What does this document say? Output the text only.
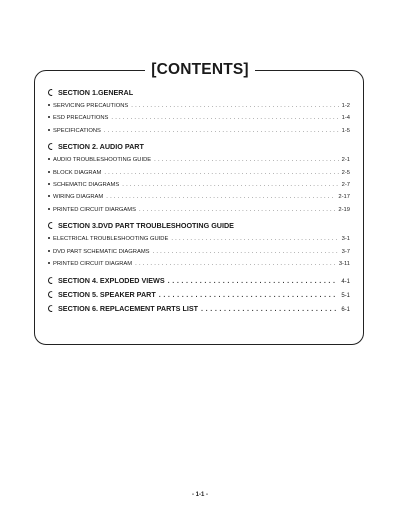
[CONTENTS]
SECTION 1.GENERAL
SERVICING PRECAUTIONS . . .	1-2
ESD PRECAUTIONS . . .	1-4
SPECIFICATIONS . . .	1-5
SECTION 2. AUDIO PART
AUDIO TROUBLESHOOTING GUIDE . . .	2-1
BLOCK DIAGRAM . . .	2-5
SCHEMATIC DIAGRAMS . . .	2-7
WIRING DIAGRAM . . .	2-17
PRINTED CIRCUIT DIARGAMS . . .	2-19
SECTION 3.DVD PART TROUBLESHOOTING GUIDE
ELECTRICAL TROUBLESHOOTING GUIDE . . .	3-1
DVD PART SCHEMATIC DIAGRAMS . . .	3-7
PRINTED CIRCUIT DIAGRAM . . .	3-11
SECTION 4. EXPLODED VIEWS . . .	4-1
SECTION 5. SPEAKER PART . . .	5-1
SECTION 6. REPLACEMENT PARTS LIST . . .	6-1
- 1-1 -
